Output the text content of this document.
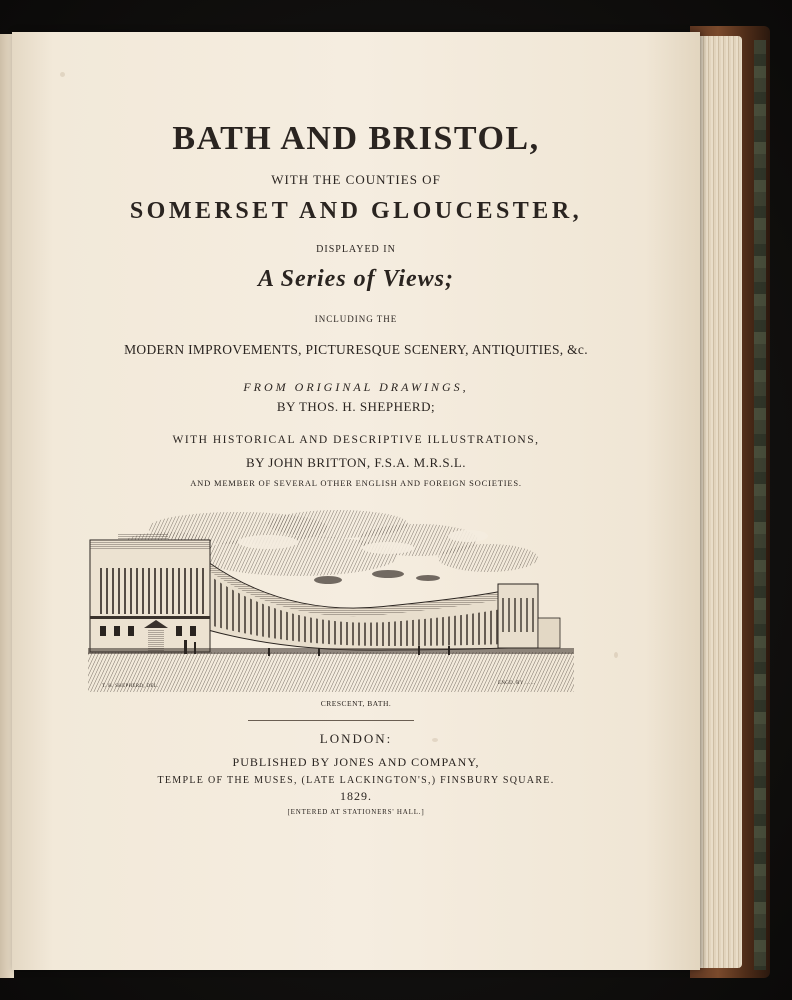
BATH AND BRISTOL,
WITH THE COUNTIES OF
SOMERSET AND GLOUCESTER,
DISPLAYED IN
A Series of Views;
INCLUDING THE
MODERN IMPROVEMENTS, PICTURESQUE SCENERY, ANTIQUITIES, &c.
FROM ORIGINAL DRAWINGS,
BY THOS. H. SHEPHERD;
WITH HISTORICAL AND DESCRIPTIVE ILLUSTRATIONS,
BY JOHN BRITTON, F.S.A. M.R.S.L.
AND MEMBER OF SEVERAL OTHER ENGLISH AND FOREIGN SOCIETIES.
T. H. SHEPHERD, DEL.
ENGD. BY ……
CRESCENT, BATH.
LONDON:
PUBLISHED BY JONES AND COMPANY,
TEMPLE OF THE MUSES, (LATE LACKINGTON'S,) FINSBURY SQUARE.
1829.
[ENTERED AT STATIONERS' HALL.]
